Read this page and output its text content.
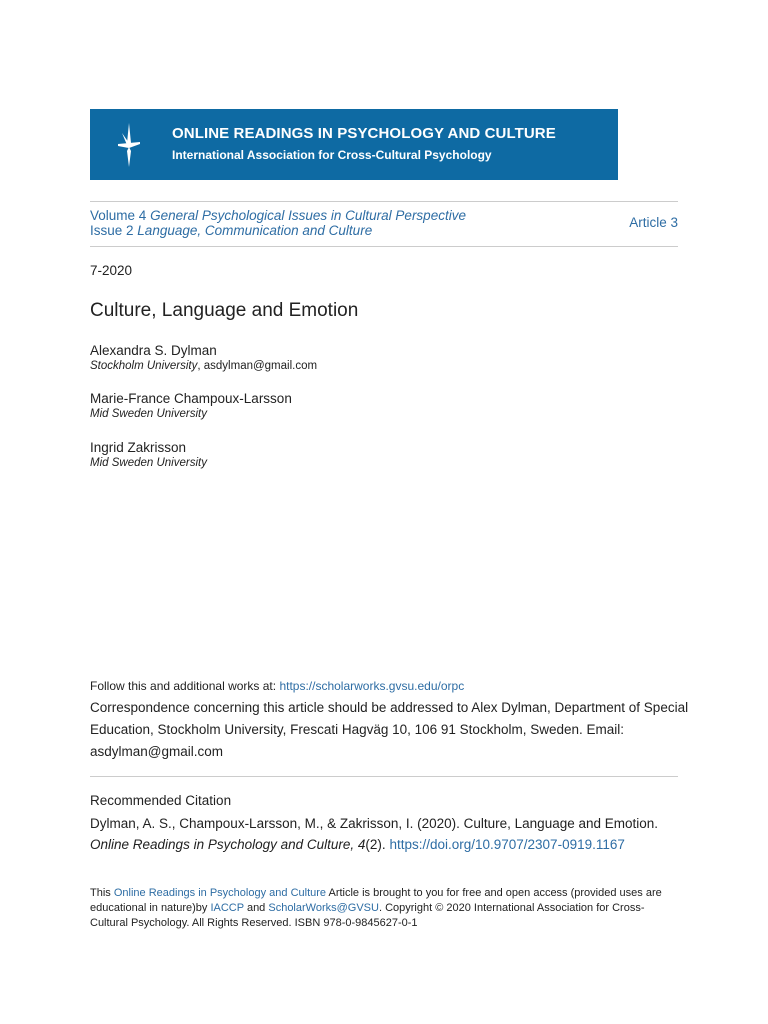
ONLINE READINGS IN PSYCHOLOGY AND CULTURE
International Association for Cross-Cultural Psychology
Volume 4 General Psychological Issues in Cultural Perspective
Issue 2 Language, Communication and Culture
Article 3
7-2020
Culture, Language and Emotion
Alexandra S. Dylman
Stockholm University, asdylman@gmail.com
Marie-France Champoux-Larsson
Mid Sweden University
Ingrid Zakrisson
Mid Sweden University
Follow this and additional works at: https://scholarworks.gvsu.edu/orpc
Correspondence concerning this article should be addressed to Alex Dylman, Department of Special Education, Stockholm University, Frescati Hagväg 10, 106 91 Stockholm, Sweden. Email: asdylman@gmail.com
Recommended Citation
Dylman, A. S., Champoux-Larsson, M., & Zakrisson, I. (2020). Culture, Language and Emotion.
Online Readings in Psychology and Culture, 4(2). https://doi.org/10.9707/2307-0919.1167
This Online Readings in Psychology and Culture Article is brought to you for free and open access (provided uses are educational in nature)by IACCP and ScholarWorks@GVSU. Copyright © 2020 International Association for Cross-Cultural Psychology. All Rights Reserved. ISBN 978-0-9845627-0-1
